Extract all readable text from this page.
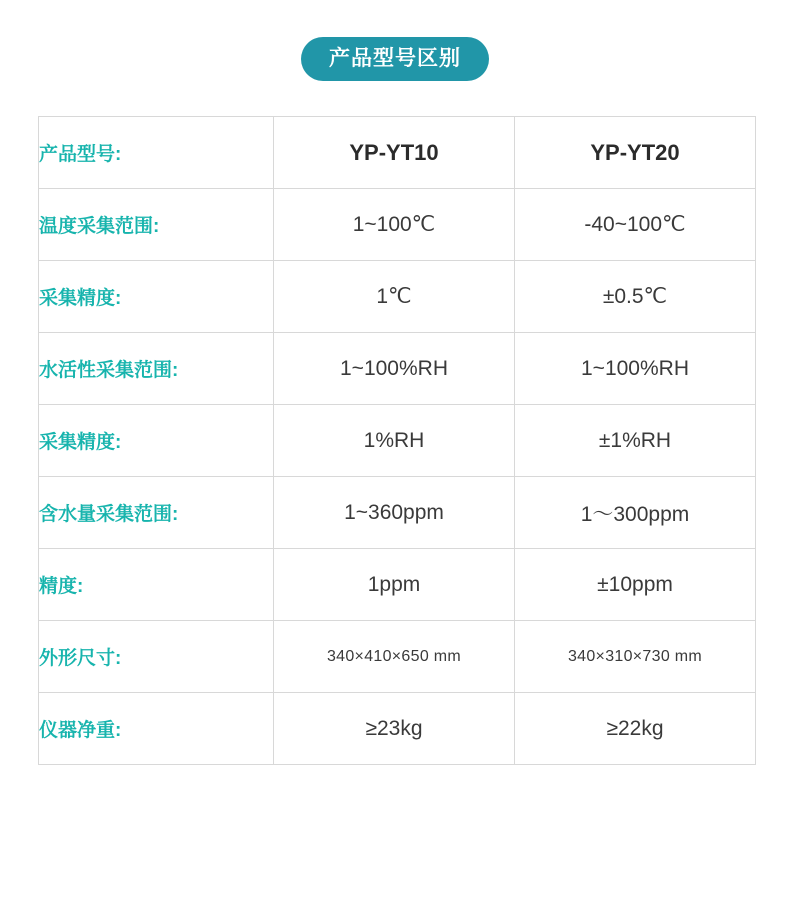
产品型号区别
产品型号:	YP-YT10	YP-YT20
温度采集范围:	1~100℃	-40~100℃
采集精度:	1℃	±0.5℃
水活性采集范围:	1~100%RH	1~100%RH
采集精度:	1%RH	±1%RH
含水量采集范围:	1~360ppm	1～300ppm
精度:	1ppm	±10ppm
外形尺寸:	340×410×650 mm	340×310×730 mm
仪器净重:	≥23kg	≥22kg
